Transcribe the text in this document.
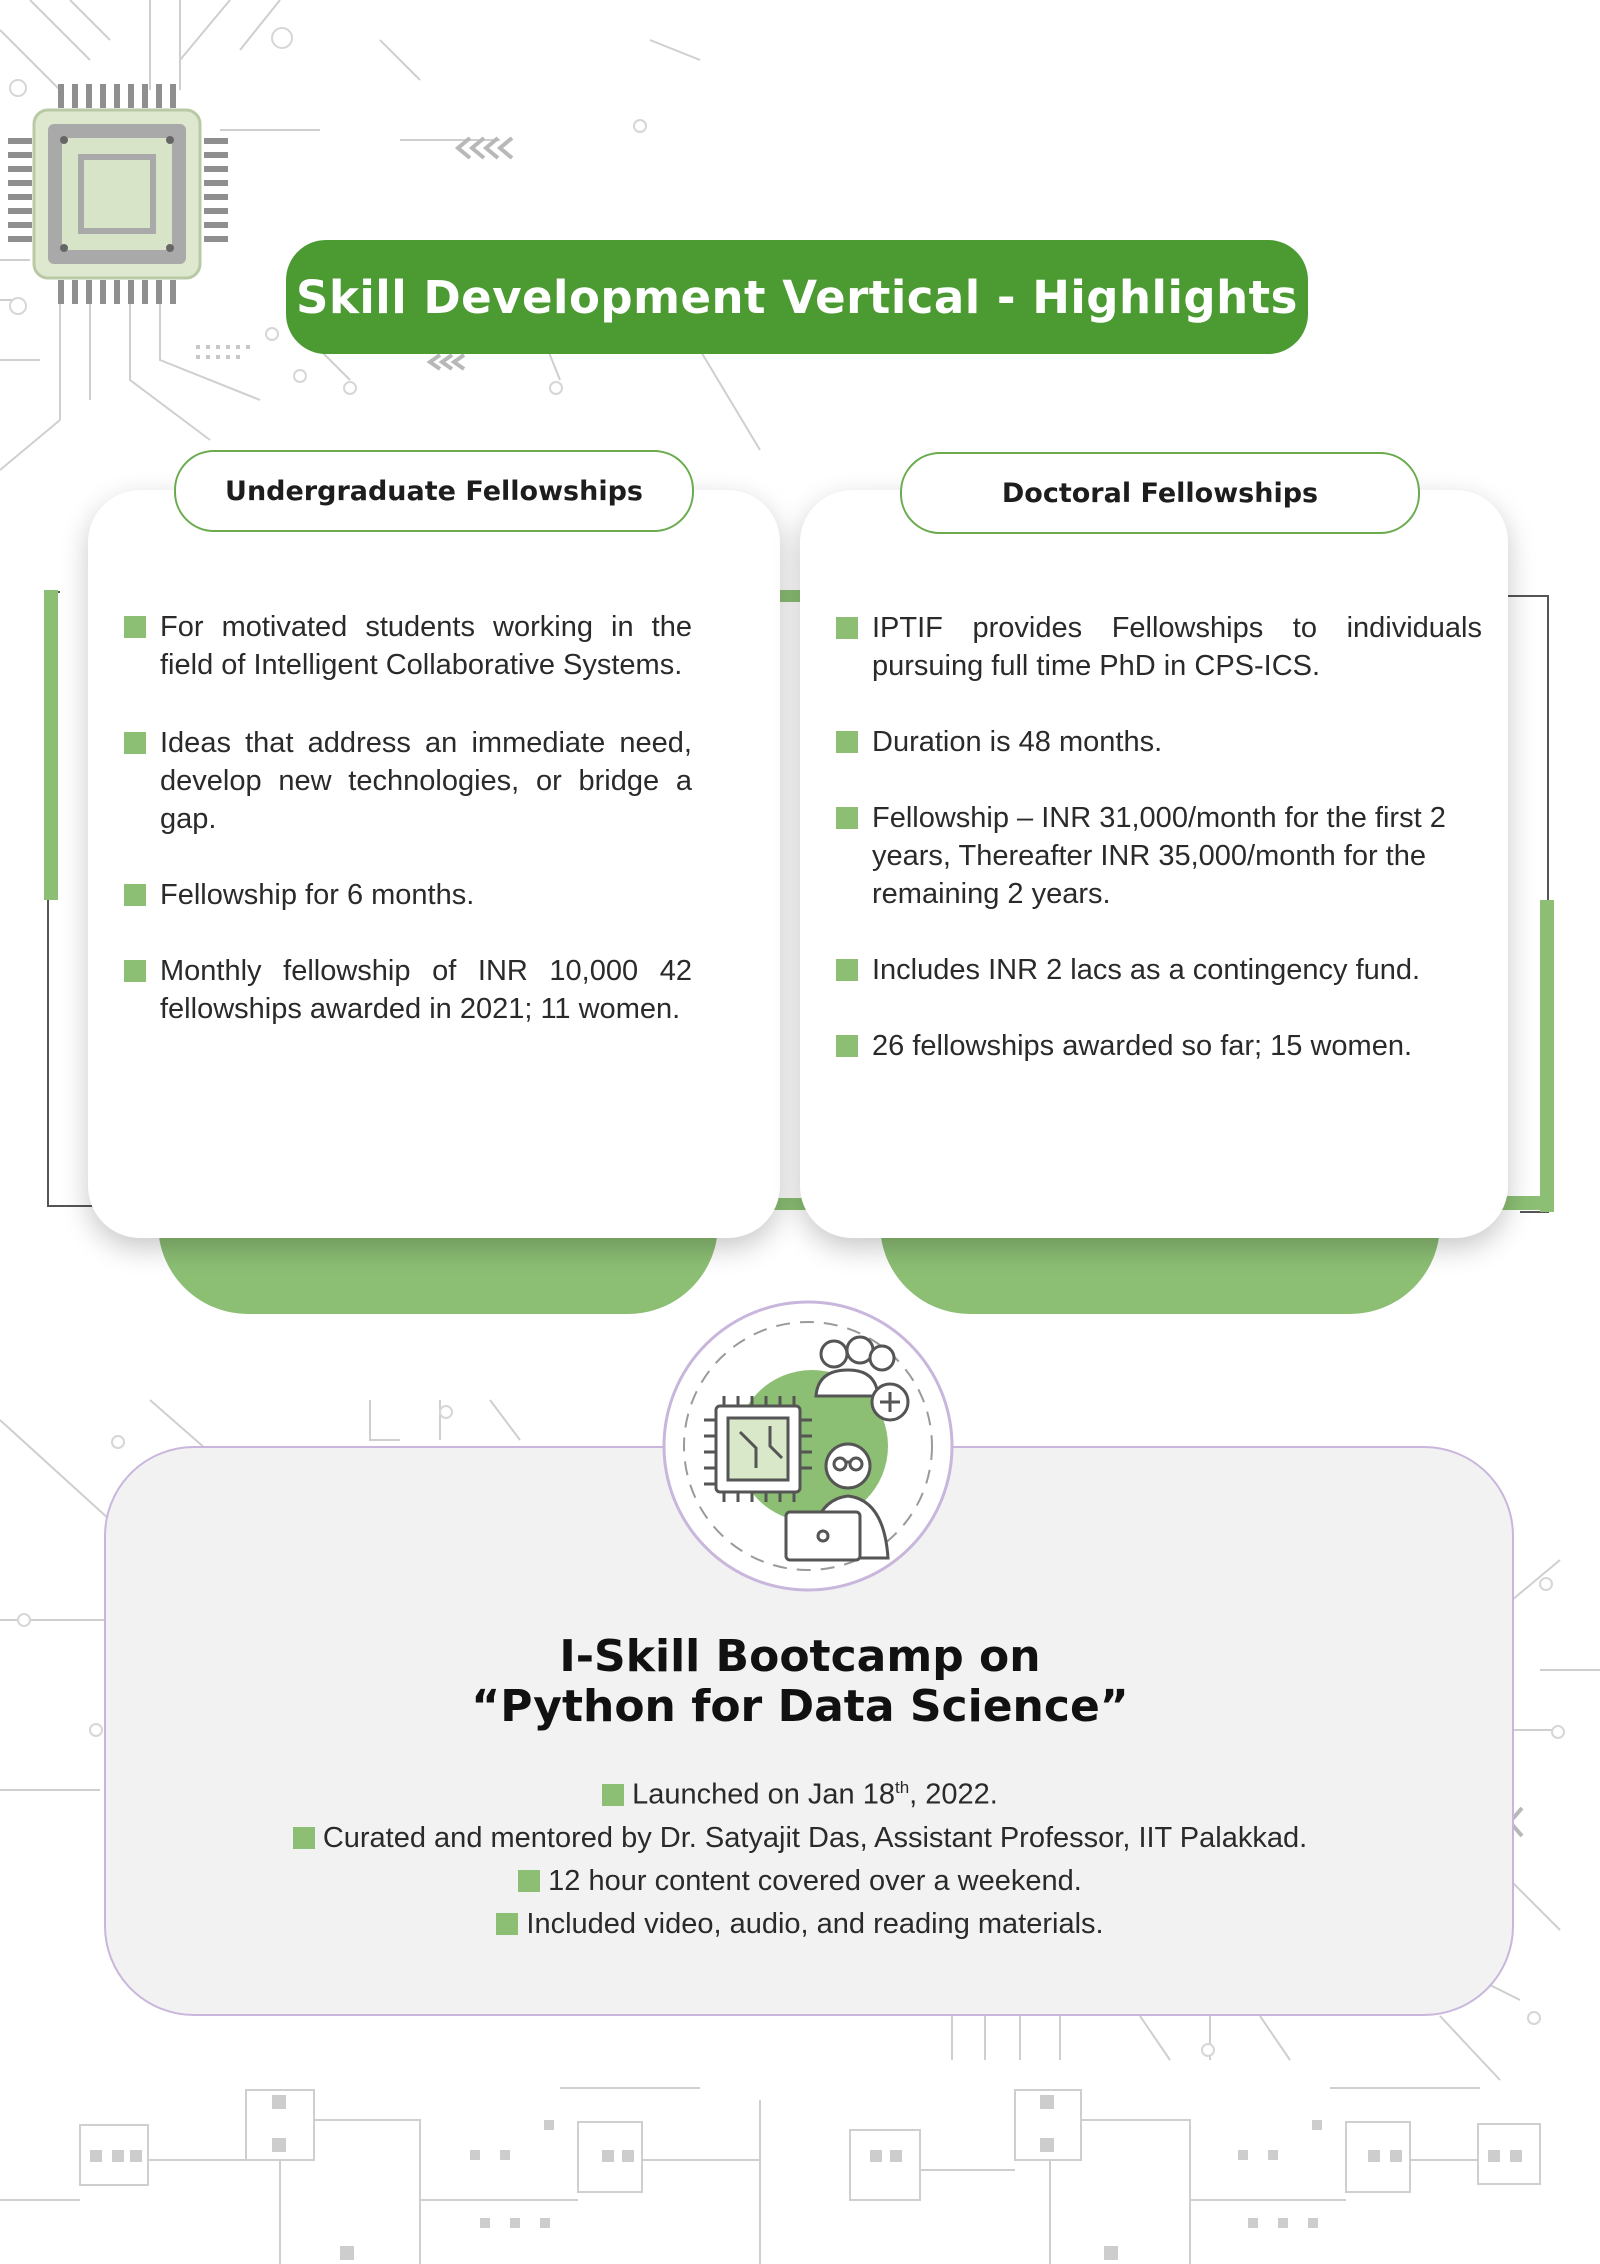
Skill Development Vertical - Highlights
Undergraduate Fellowships
For motivated students working in the field of Intelligent Collaborative Systems.
Ideas that address an immediate need, develop new technologies, or bridge a gap.
Fellowship for 6 months.
Monthly fellowship of INR 10,000 42 fellowships awarded in 2021; 11 women.
Doctoral Fellowships
IPTIF provides Fellowships to individuals pursuing full time PhD in CPS-ICS.
Duration is 48 months.
Fellowship – INR 31,000/month for the first 2 years, Thereafter INR 35,000/month for the remaining 2 years.
Includes INR 2 lacs as a contingency fund.
26 fellowships awarded so far; 15 women.
I-Skill Bootcamp on
“Python for Data Science”
Launched on Jan 18th, 2022.
Curated and mentored by Dr. Satyajit Das, Assistant Professor, IIT Palakkad.
12 hour content covered over a weekend.
Included video, audio, and reading materials.
